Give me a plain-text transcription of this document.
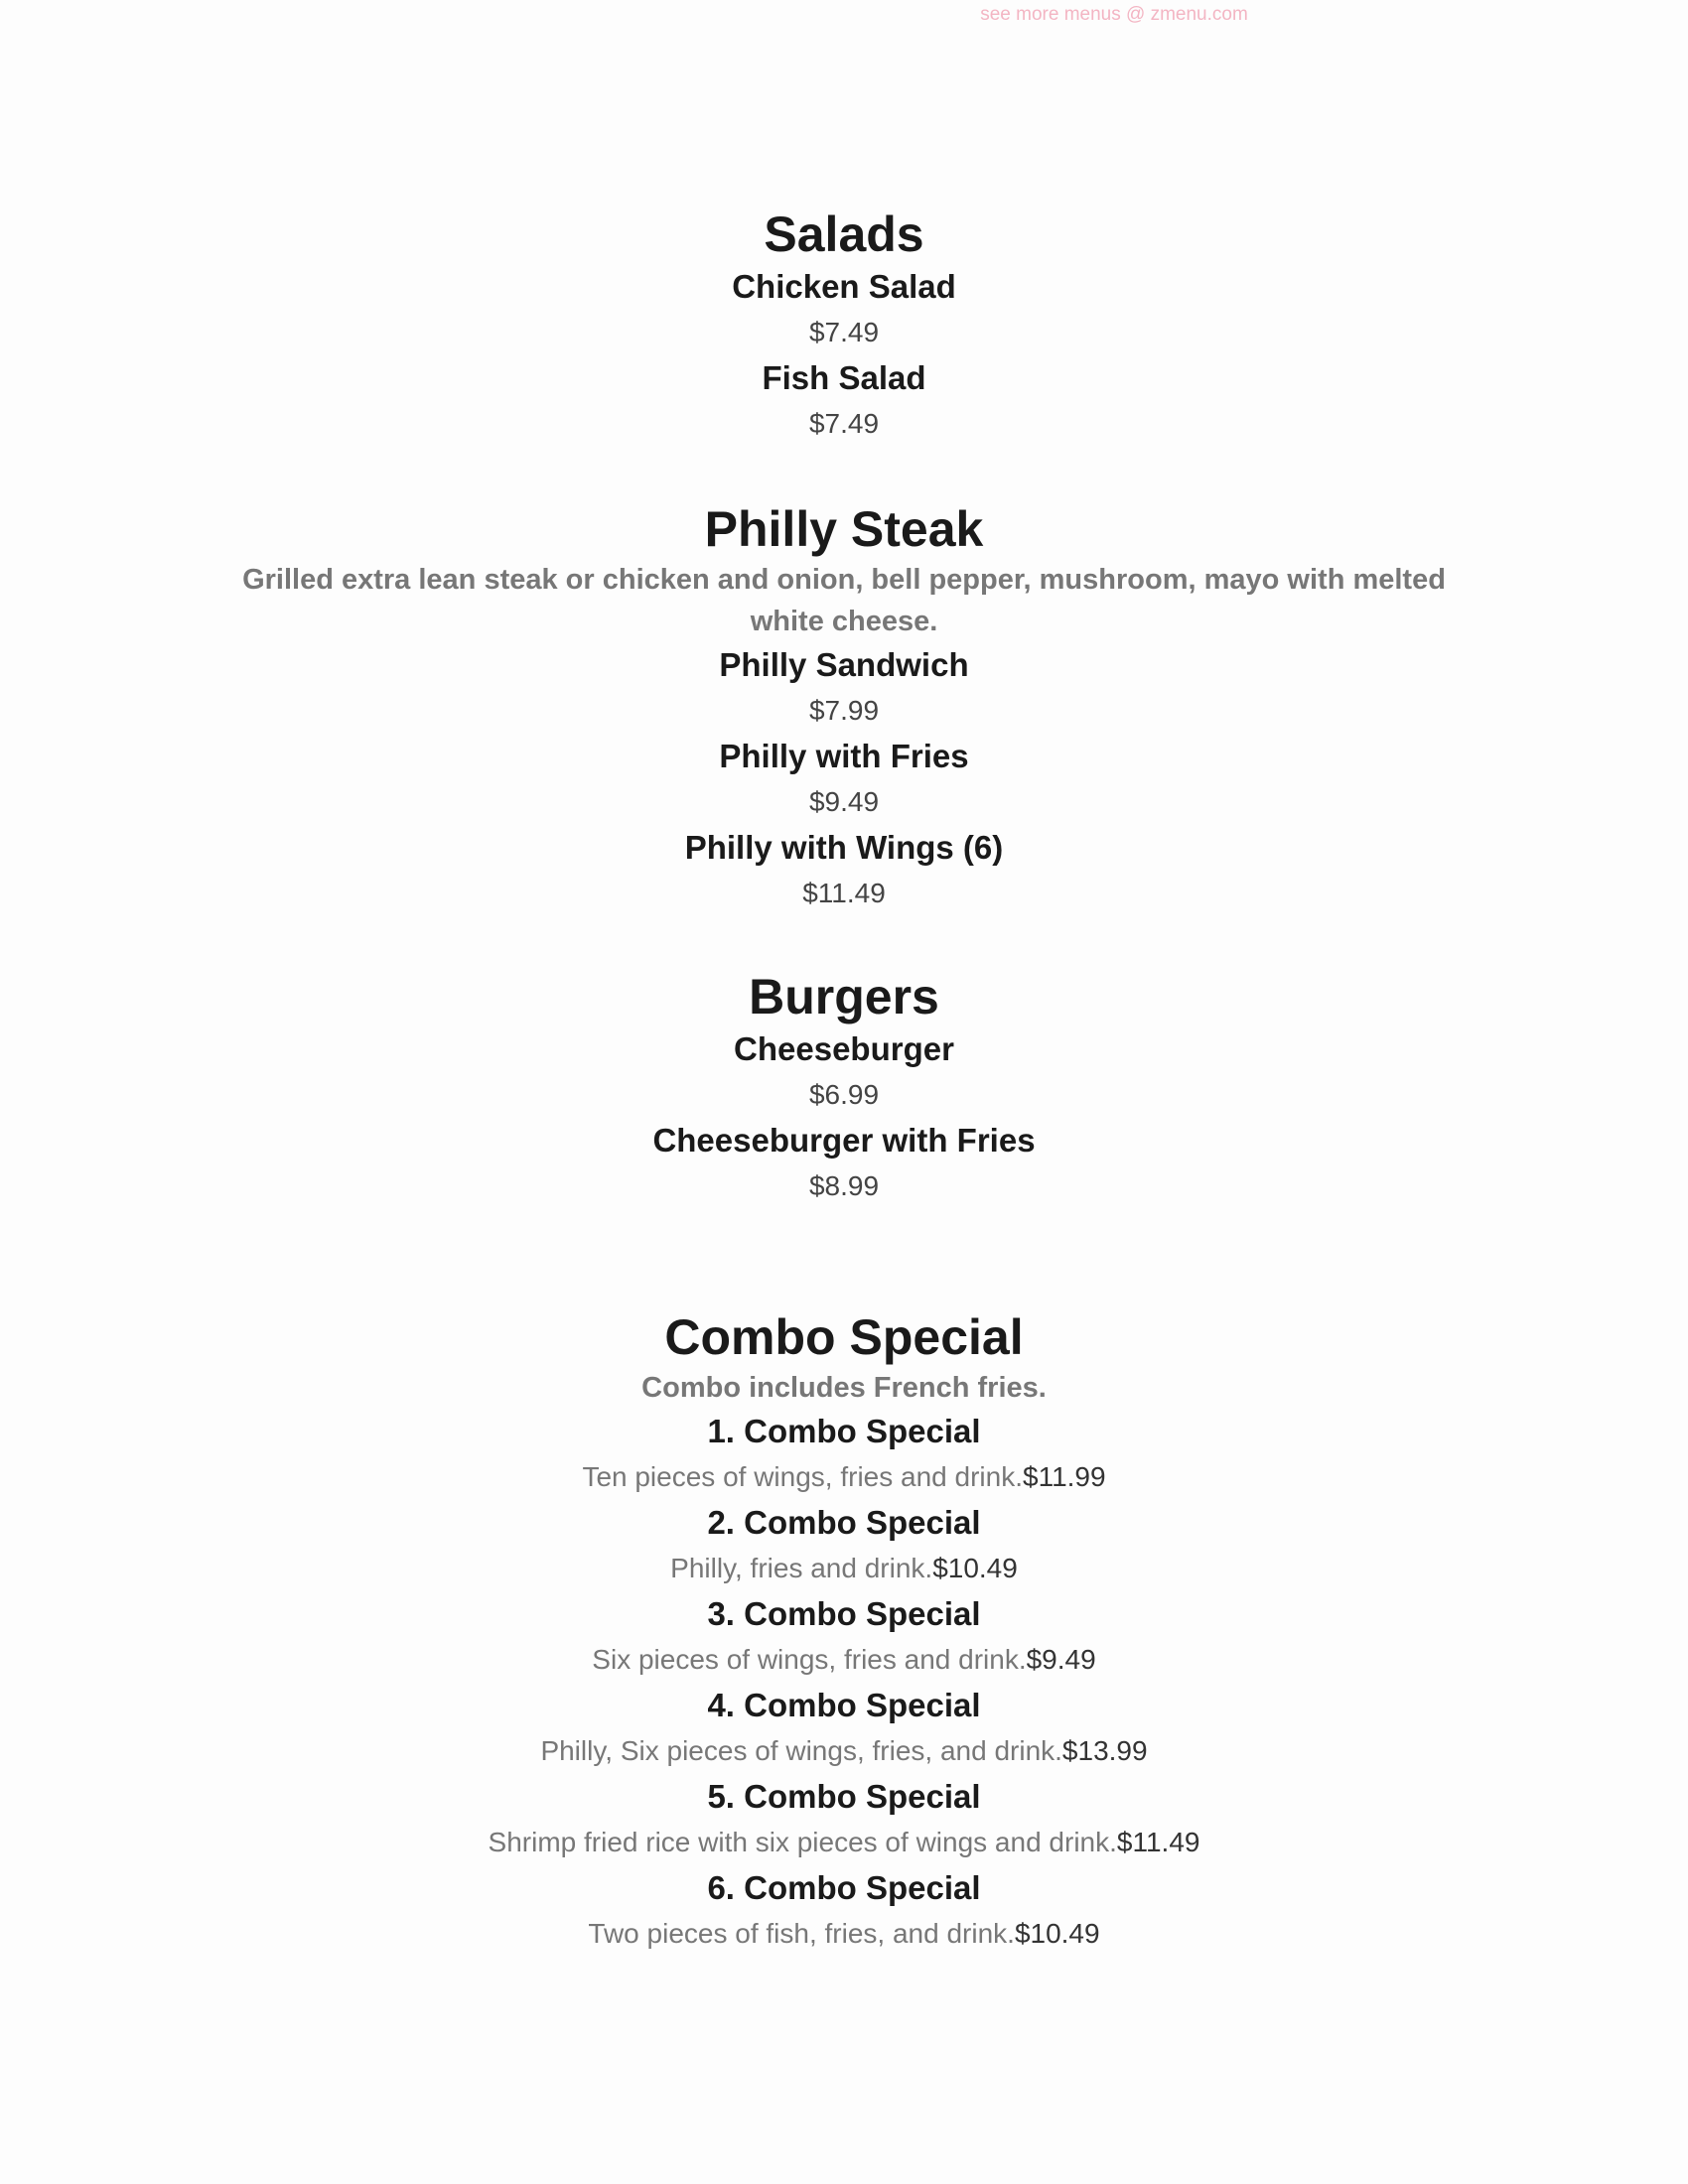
see more menus @ zmenu.com
Salads
Chicken Salad
$7.49
Fish Salad
$7.49
Philly Steak
Grilled extra lean steak or chicken and onion, bell pepper, mushroom, mayo with melted white cheese.
Philly Sandwich
$7.99
Philly with Fries
$9.49
Philly with Wings (6)
$11.49
Burgers
Cheeseburger
$6.99
Cheeseburger with Fries
$8.99
Combo Special
Combo includes French fries.
1. Combo Special
Ten pieces of wings, fries and drink.$11.99
2. Combo Special
Philly, fries and drink.$10.49
3. Combo Special
Six pieces of wings, fries and drink.$9.49
4. Combo Special
Philly, Six pieces of wings, fries, and drink.$13.99
5. Combo Special
Shrimp fried rice with six pieces of wings and drink.$11.49
6. Combo Special
Two pieces of fish, fries, and drink.$10.49
